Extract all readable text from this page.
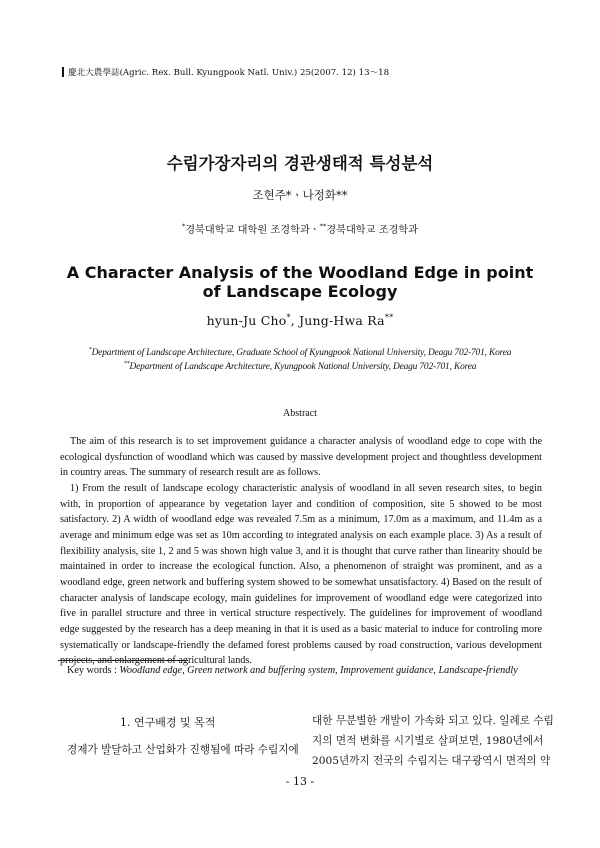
慶北大農學誌(Agric. Rex. Bull. Kyungpook Natl. Univ.) 25(2007. 12) 13～18
수림가장자리의 경관생태적 특성분석
조현주*ㆍ나정화**
*경북대학교 대학원 조경학과ㆍ**경북대학교 조경학과
A Character Analysis of the Woodland Edge in point
of Landscape Ecology
hyun-Ju Cho*, Jung-Hwa Ra**
*Department of Landscape Architecture, Graduate School of Kyungpook National University, Deagu 702-701, Korea
**Department of Landscape Architecture, Kyungpook National University, Deagu 702-701, Korea
Abstract

The aim of this research is to set improvement guidance a character analysis of woodland edge to cope with the ecological dysfunction of woodland which was caused by massive development project and thoughtless development in country areas. The summary of research result are as follows.

1) From the result of landscape ecology characteristic analysis of woodland in all seven research sites, to begin with, in proportion of appearance by vegetation layer and condition of composition, site 5 showed to be most satisfactory. 2) A width of woodland edge was revealed 7.5m as a minimum, 17.0m as a maximum, and 11.4m as a average and minimum edge was set as 10m according to integrated analysis on each example place. 3) As a result of flexibility analysis, site 1, 2 and 5 was shown high value 3, and it is thought that curve rather than linearity should be maintained in order to increase the ecological function. Also, a phenomenon of straight was prominent, and as a woodland edge, green network and buffering system showed to be somewhat unsatisfactory. 4) Based on the result of character analysis of landscape ecology, main guidelines for improvement of woodland edge were categorized into five in parallel structure and three in vertical structure respectively. The guidelines for improvement of woodland edge suggested by the research has a deep meaning in that it is used as a basic material to induce for controling more systematically or landscape-friendly the defamed forest problems caused by road construction, various development projects, and enlargement of agricultural lands.

Key words : Woodland edge, Green network and buffering system, Improvement guidance, Landscape-friendly
1. 연구배경 및 목적
경제가 발달하고 산업화가 진행됨에 따라 수림지에
대한 무분별한 개발이 가속화 되고 있다. 일례로 수림
지의 면적 변화를 시기별로 살펴보면, 1980년에서
2005년까지 전국의 수림지는 대구광역시 면적의 약
- 13 -
